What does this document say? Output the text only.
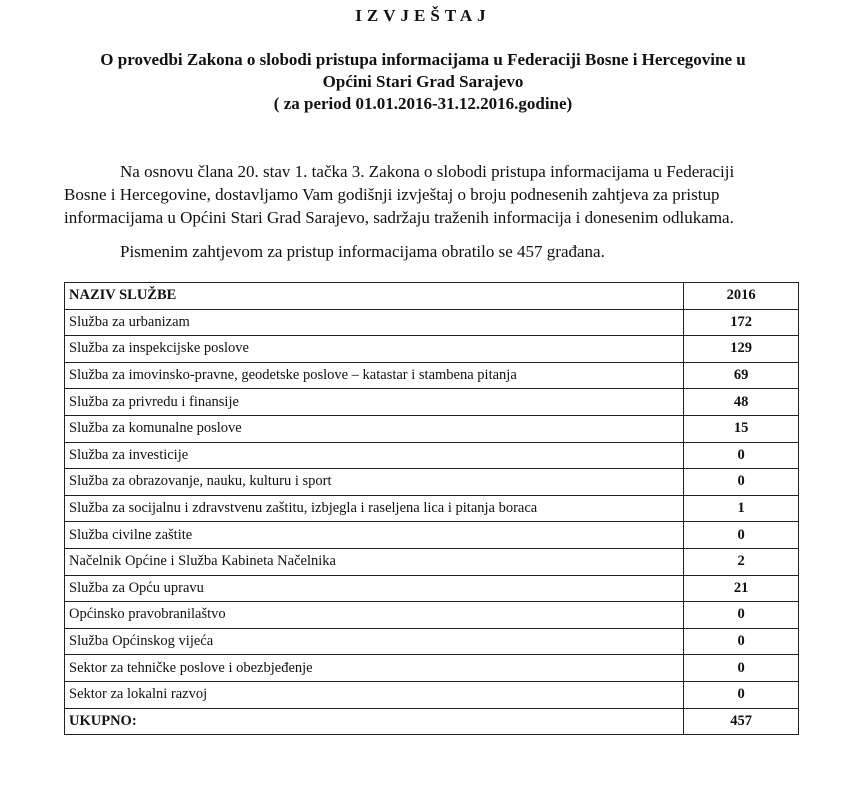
IZVJEŠTAJ
O provedbi Zakona o slobodi pristupa informacijama u Federaciji Bosne i Hercegovine u
Općini Stari Grad Sarajevo
( za period 01.01.2016-31.12.2016.godine)
Na osnovu člana 20. stav 1. tačka 3. Zakona o slobodi pristupa informacijama u Federaciji
Bosne i Hercegovine, dostavljamo Vam godišnji izvještaj o broju podnesenih zahtjeva za pristup
informacijama u Općini Stari Grad Sarajevo, sadržaju traženih informacija i donesenim odlukama.
Pismenim zahtjevom za pristup informacijama obratilo se 457 građana.
NAZIV SLUŽBE	2016
Služba za urbanizam	172
Služba za inspekcijske poslove	129
Služba za imovinsko-pravne, geodetske poslove – katastar i stambena pitanja	69
Služba za privredu i finansije	48
Služba za komunalne poslove	15
Služba za investicije	0
Služba za obrazovanje, nauku, kulturu i sport	0
Služba za socijalnu i zdravstvenu zaštitu, izbjegla i raseljena lica i pitanja boraca	1
Služba civilne zaštite	0
Načelnik Općine i Služba Kabineta Načelnika	2
Služba za Opću upravu	21
Općinsko pravobranilaštvo	0
Služba Općinskog vijeća	0
Sektor za tehničke poslove i obezbjeđenje	0
Sektor za lokalni razvoj	0
UKUPNO:	457
